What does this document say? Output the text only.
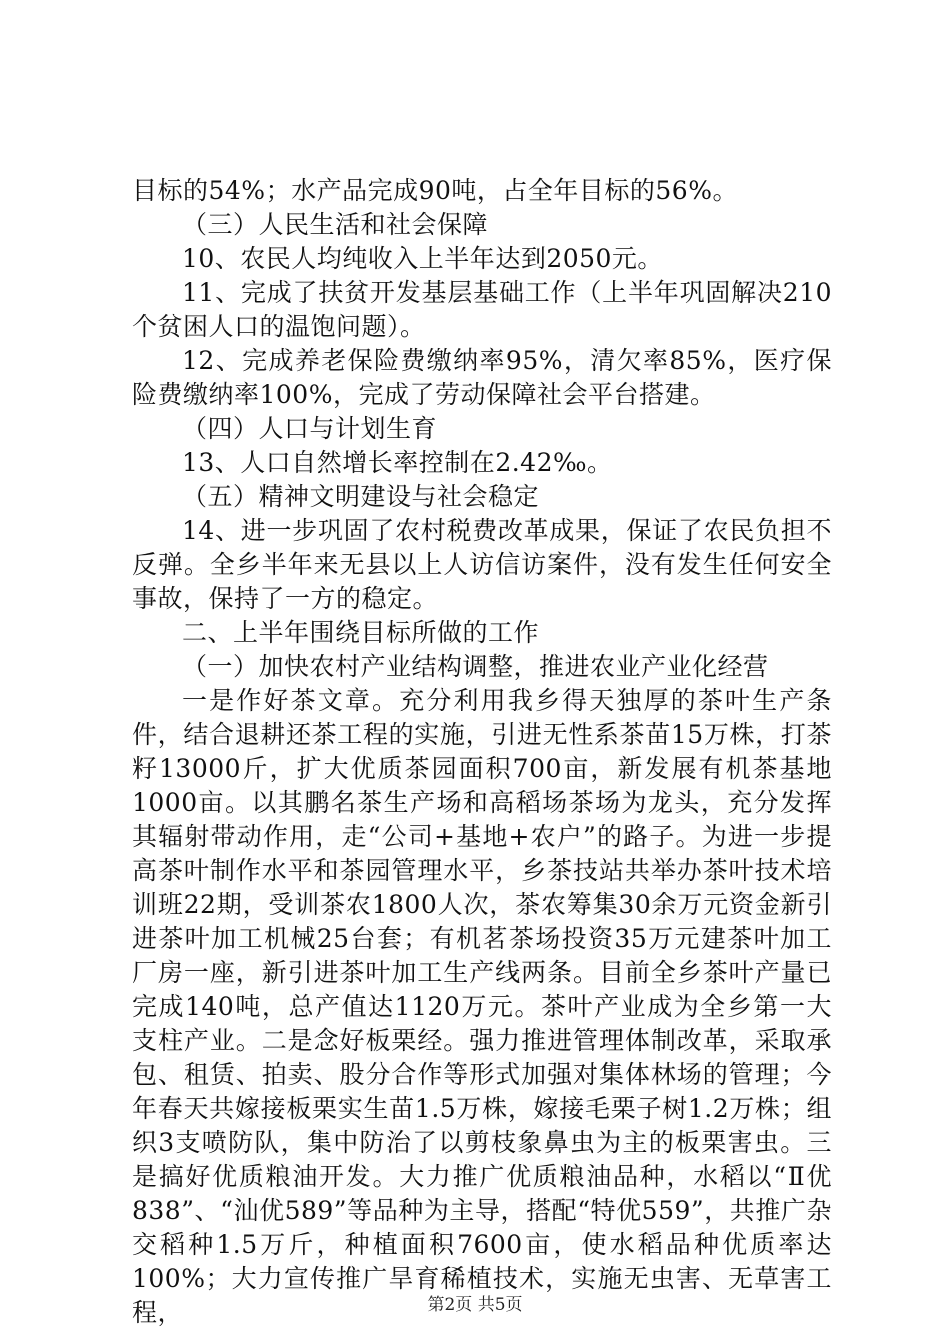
目标的54%；水产品完成90吨，占全年目标的56%。

（三）人民生活和社会保障

10、农民人均纯收入上半年达到2050元。

11、完成了扶贫开发基层基础工作（上半年巩固解决210个贫困人口的温饱问题）。

12、完成养老保险费缴纳率95%，清欠率85%，医疗保险费缴纳率100%，完成了劳动保障社会平台搭建。

（四）人口与计划生育

13、人口自然增长率控制在2.42‰。

（五）精神文明建设与社会稳定

14、进一步巩固了农村税费改革成果，保证了农民负担不反弹。全乡半年来无县以上人访信访案件，没有发生任何安全事故，保持了一方的稳定。

二、上半年围绕目标所做的工作

（一）加快农村产业结构调整，推进农业产业化经营

一是作好茶文章。充分利用我乡得天独厚的茶叶生产条件，结合退耕还茶工程的实施，引进无性系茶苗15万株，打茶籽13000斤，扩大优质茶园面积700亩，新发展有机茶基地1000亩。以其鹏名茶生产场和高稻场茶场为龙头，充分发挥其辐射带动作用，走“公司+基地+农户”的路子。为进一步提高茶叶制作水平和茶园管理水平，乡茶技站共举办茶叶技术培训班22期，受训茶农1800人次，茶农筹集30余万元资金新引进茶叶加工机械25台套；有机茗茶场投资35万元建茶叶加工厂房一座，新引进茶叶加工生产线两条。目前全乡茶叶产量已完成140吨，总产值达1120万元。茶叶产业成为全乡第一大支柱产业。二是念好板栗经。强力推进管理体制改革，采取承包、租赁、拍卖、股分合作等形式加强对集体林场的管理；今年春天共嫁接板栗实生苗1.5万株，嫁接毛栗子树1.2万株；组织3支喷防队，集中防治了以剪枝象鼻虫为主的板栗害虫。三是搞好优质粮油开发。大力推广优质粮油品种，水稻以“Ⅱ优838”、“汕优589”等品种为主导，搭配“特优559”，共推广杂交稻种1.5万斤，种植面积7600亩，使水稻品种优质率达100%；大力宣传推广旱育稀植技术，实施无虫害、无草害工程，	第2页 共5页
